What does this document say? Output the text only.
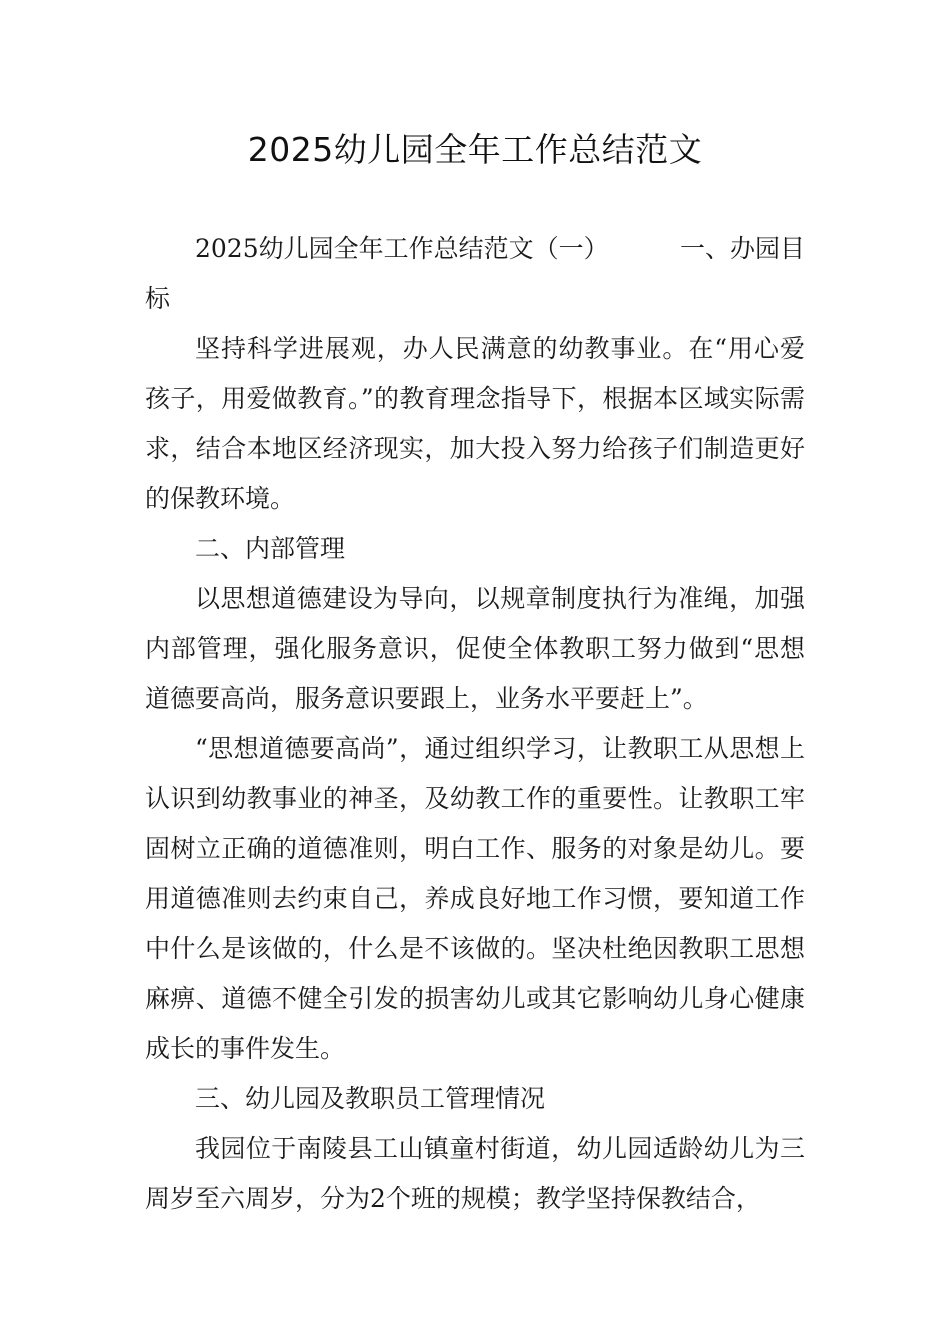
2025幼儿园全年工作总结范文
2025幼儿园全年工作总结范文（一）	一、办园目
标

坚持科学进展观，办人民满意的幼教事业。在“用心爱孩子，用爱做教育。”的教育理念指导下，根据本区域实际需求，结合本地区经济现实，加大投入努力给孩子们制造更好的保教环境。

二、内部管理

以思想道德建设为导向，以规章制度执行为准绳，加强内部管理，强化服务意识，促使全体教职工努力做到“思想道德要高尚，服务意识要跟上，业务水平要赶上”。

“思想道德要高尚”，通过组织学习，让教职工从思想上认识到幼教事业的神圣，及幼教工作的重要性。让教职工牢固树立正确的道德准则，明白工作、服务的对象是幼儿。要用道德准则去约束自己，养成良好地工作习惯，要知道工作中什么是该做的，什么是不该做的。坚决杜绝因教职工思想麻痹、道德不健全引发的损害幼儿或其它影响幼儿身心健康成长的事件发生。

三、幼儿园及教职员工管理情况

我园位于南陵县工山镇童村街道，幼儿园适龄幼儿为三周岁至六周岁，分为2个班的规模；教学坚持保教结合，
